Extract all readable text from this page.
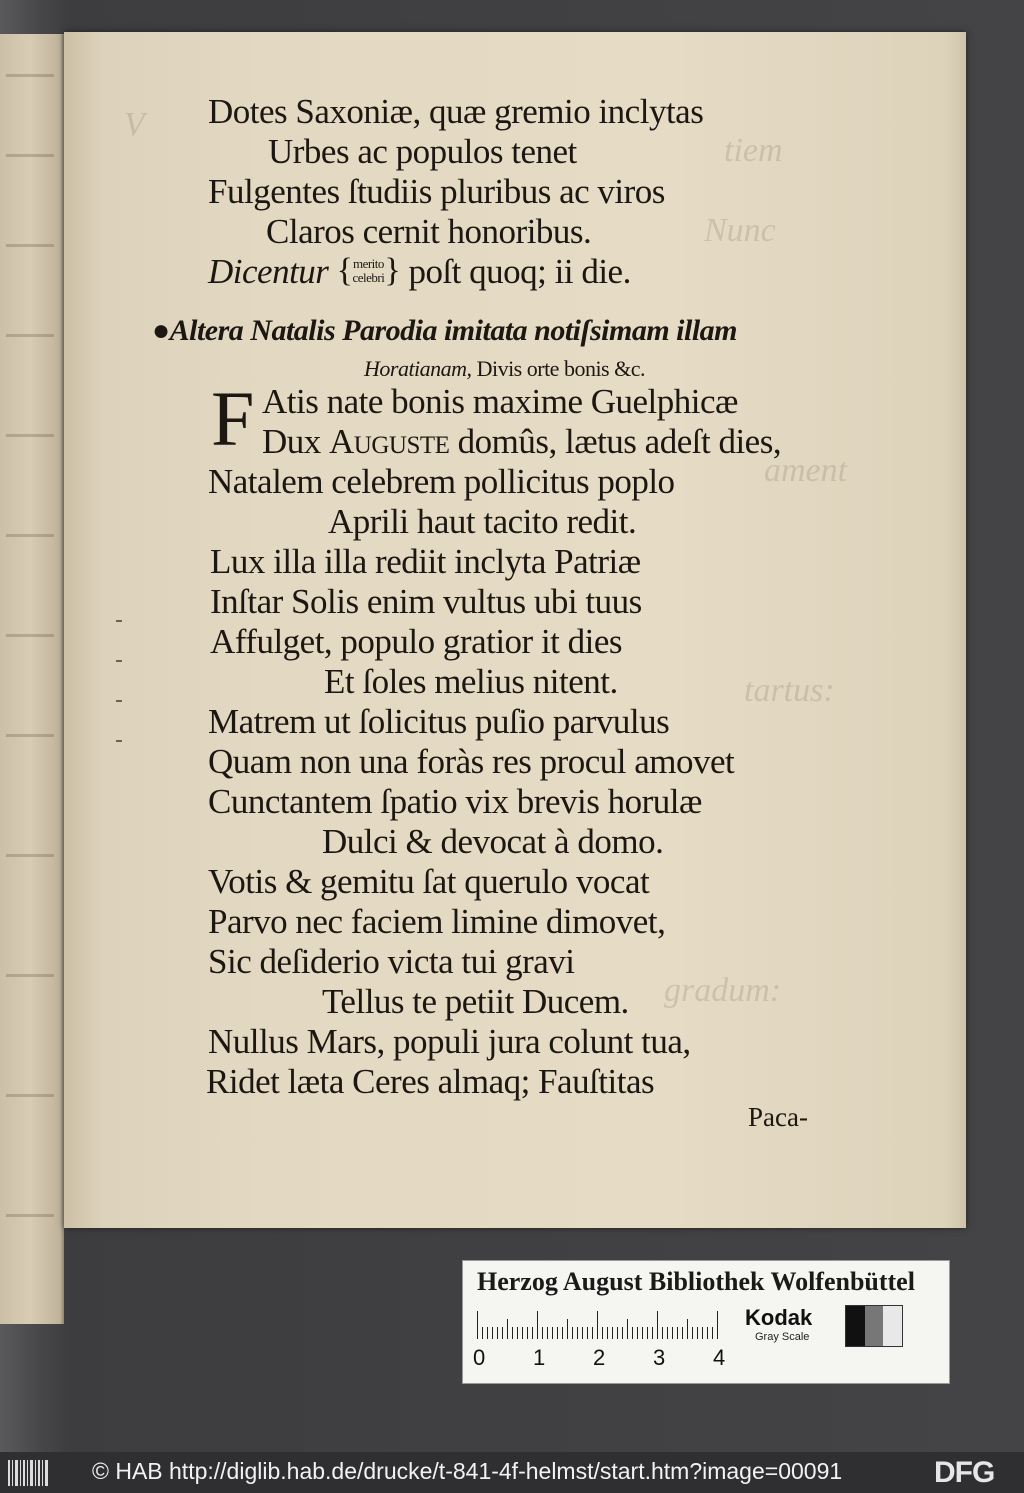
V
tiem
Nunc
ament
tartus:
gradum:
Dotes Saxoniæ, quæ gremio inclytas
Urbes ac populos tenet
Fulgentes ſtudiis pluribus ac viros
Claros cernit honoribus.
Dicentur {merito
celebri} poſt quoq; ii die.
●Altera Natalis Parodia imitata notiſsimam illam
Horatianam, Divis orte bonis &c.
F Atis nate bonis maxime Guelphicæ
Dux Auguste domûs, lætus adeſt dies,
Natalem celebrem pollicitus poplo
Aprili haut tacito redit.
Lux illa illa rediit inclyta Patriæ
Inſtar Solis enim vultus ubi tuus
Affulget, populo gratior it dies
Et ſoles melius nitent.
Matrem ut ſolicitus puſio parvulus
Quam non una foràs res procul amovet
Cunctantem ſpatio vix brevis horulæ
Dulci & devocat à domo.
Votis & gemitu ſat querulo vocat
Parvo nec faciem limine dimovet,
Sic deſiderio victa tui gravi
Tellus te petiit Ducem.
Nullus Mars, populi jura colunt tua,
Ridet læta Ceres almaq; Fauſtitas
Paca-
Herzog August Bibliothek Wolfenbüttel
0 1 2 3 4
Kodak
Gray Scale
© HAB http://diglib.hab.de/drucke/t-841-4f-helmst/start.htm?image=00091	DFG
